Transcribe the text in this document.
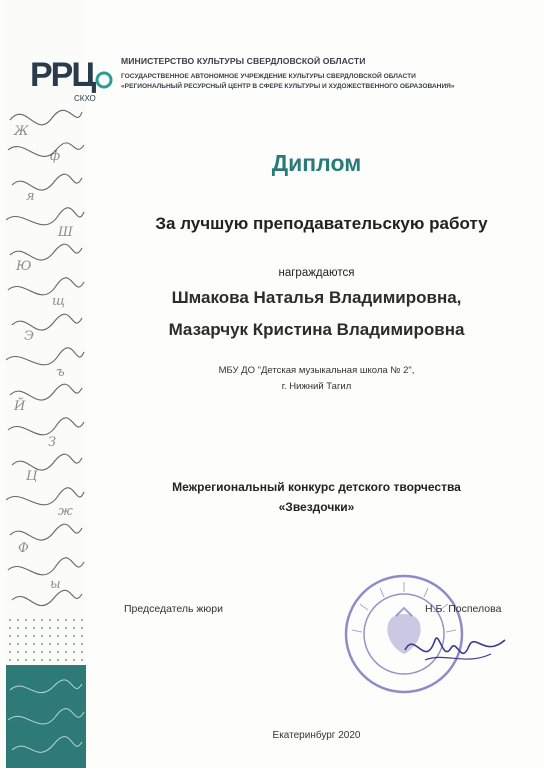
Ж
ф
я
Ш
Ю
щ
Э
ъ
Й
З
Ц
ж
Ф
ы
РРЦ
СКХО
МИНИСТЕРСТВО КУЛЬТУРЫ СВЕРДЛОВСКОЙ ОБЛАСТИ
ГОСУДАРСТВЕННОЕ АВТОНОМНОЕ УЧРЕЖДЕНИЕ КУЛЬТУРЫ СВЕРДЛОВСКОЙ ОБЛАСТИ
«РЕГИОНАЛЬНЫЙ РЕСУРСНЫЙ ЦЕНТР В СФЕРЕ КУЛЬТУРЫ И ХУДОЖЕСТВЕННОГО ОБРАЗОВАНИЯ»
Диплом
За лучшую преподавательскую работу
награждаются
Шмакова Наталья Владимировна,
Мазарчук Кристина Владимировна
МБУ ДО "Детская музыкальная школа № 2",
г. Нижний Тагил
Межрегиональный конкурс детского творчества
«Звездочки»
Председатель жюри	Н.Б. Поспелова
Екатеринбург 2020
